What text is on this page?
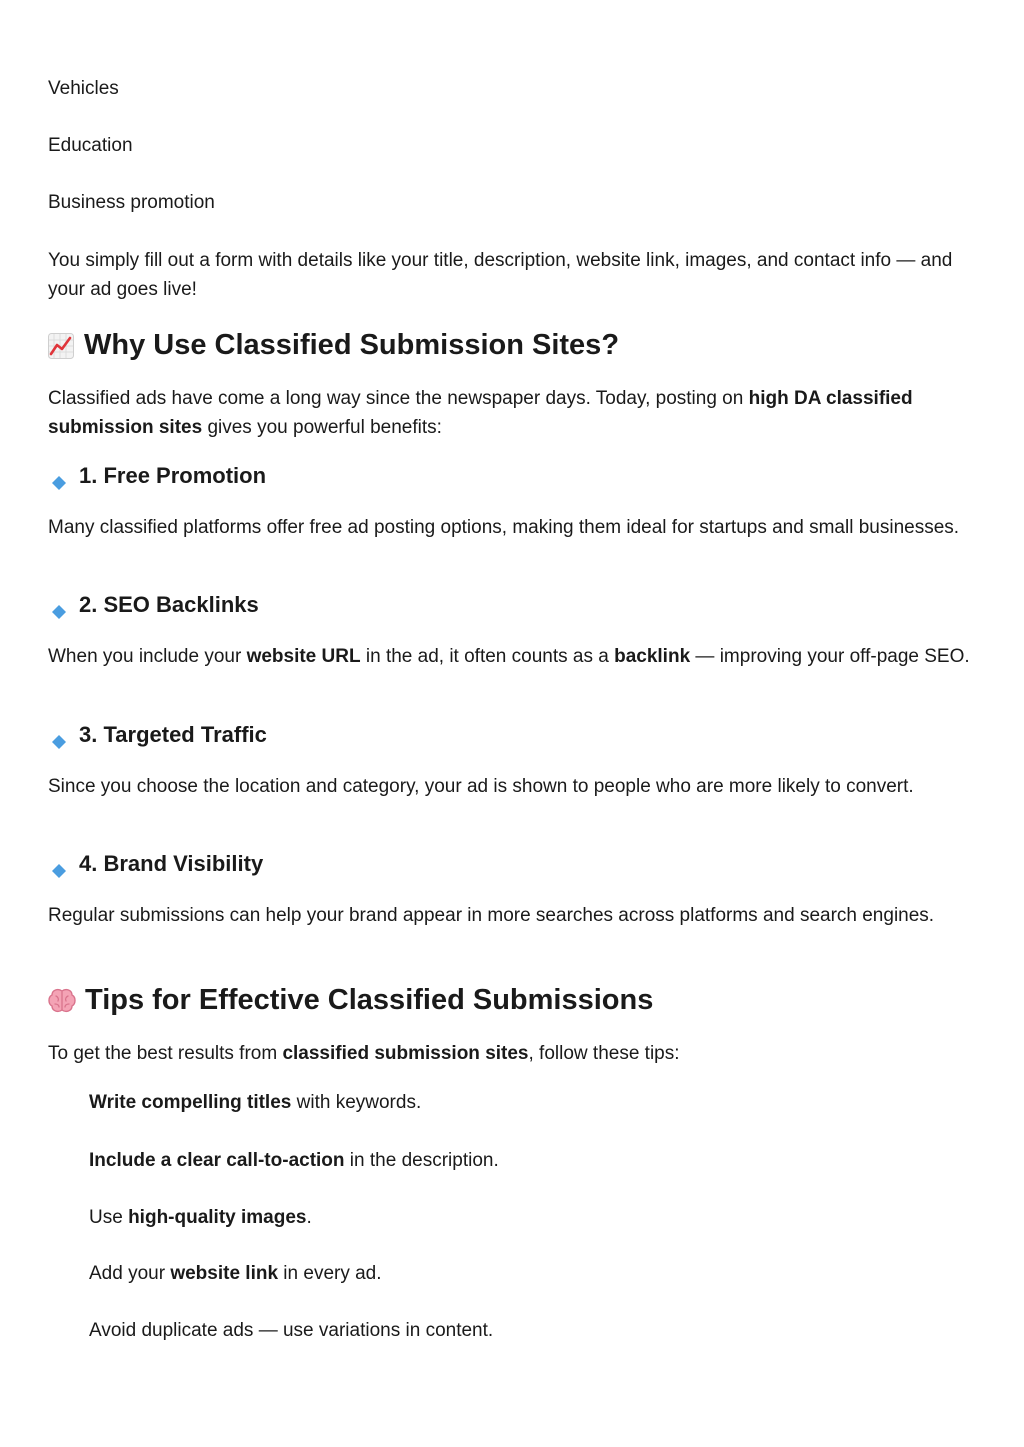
Vehicles

Education

Business promotion

You simply fill out a form with details like your title, description, website link, images, and contact info — and your ad goes live!

Why Use Classified Submission Sites?

Classified ads have come a long way since the newspaper days. Today, posting on high DA classified submission sites gives you powerful benefits:

1. Free Promotion

Many classified platforms offer free ad posting options, making them ideal for startups and small businesses.

2. SEO Backlinks

When you include your website URL in the ad, it often counts as a backlink — improving your off-page SEO.

3. Targeted Traffic

Since you choose the location and category, your ad is shown to people who are more likely to convert.

4. Brand Visibility

Regular submissions can help your brand appear in more searches across platforms and search engines.

Tips for Effective Classified Submissions

To get the best results from classified submission sites, follow these tips:

Write compelling titles with keywords.

Include a clear call-to-action in the description.

Use high-quality images.

Add your website link in every ad.

Avoid duplicate ads — use variations in content.
